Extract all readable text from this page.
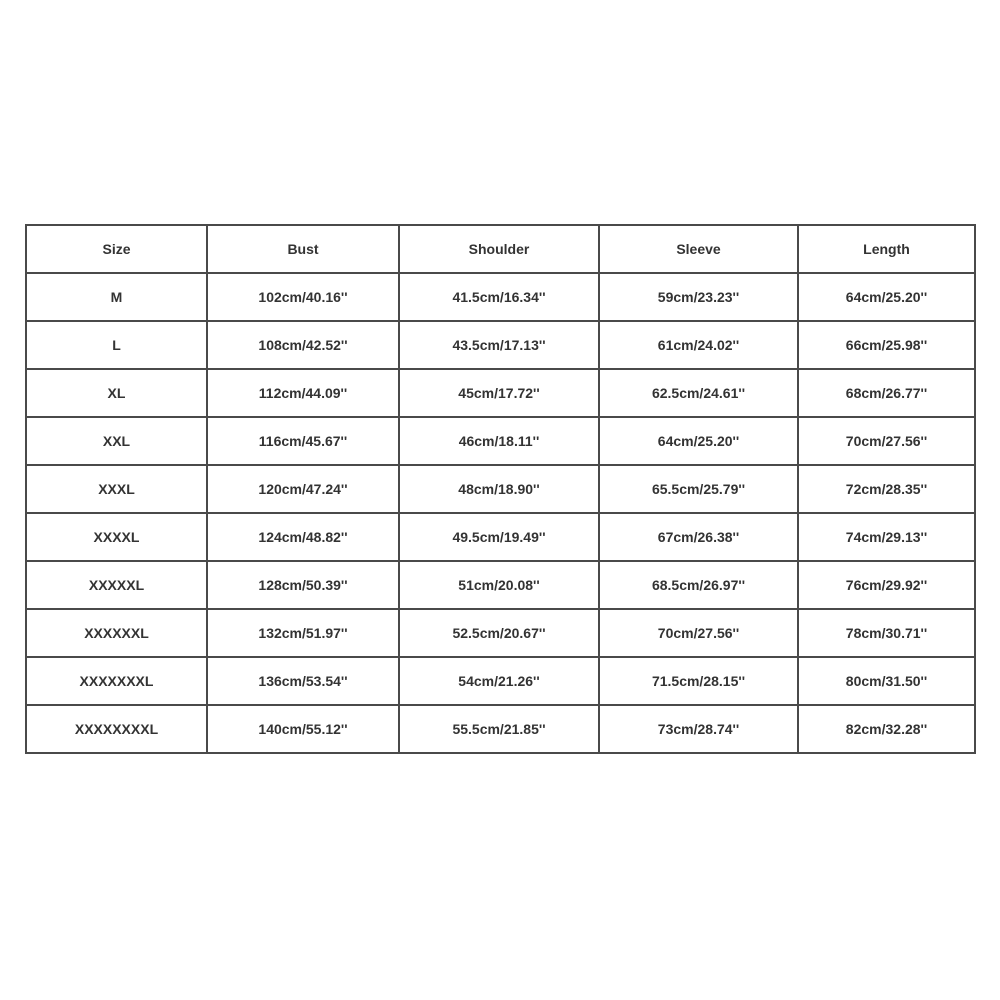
Size	Bust	Shoulder	Sleeve	Length
M	102cm/40.16''	41.5cm/16.34''	59cm/23.23''	64cm/25.20''
L	108cm/42.52''	43.5cm/17.13''	61cm/24.02''	66cm/25.98''
XL	112cm/44.09''	45cm/17.72''	62.5cm/24.61''	68cm/26.77''
XXL	116cm/45.67''	46cm/18.11''	64cm/25.20''	70cm/27.56''
XXXL	120cm/47.24''	48cm/18.90''	65.5cm/25.79''	72cm/28.35''
XXXXL	124cm/48.82''	49.5cm/19.49''	67cm/26.38''	74cm/29.13''
XXXXXL	128cm/50.39''	51cm/20.08''	68.5cm/26.97''	76cm/29.92''
XXXXXXL	132cm/51.97''	52.5cm/20.67''	70cm/27.56''	78cm/30.71''
XXXXXXXL	136cm/53.54''	54cm/21.26''	71.5cm/28.15''	80cm/31.50''
XXXXXXXXL	140cm/55.12''	55.5cm/21.85''	73cm/28.74''	82cm/32.28''
